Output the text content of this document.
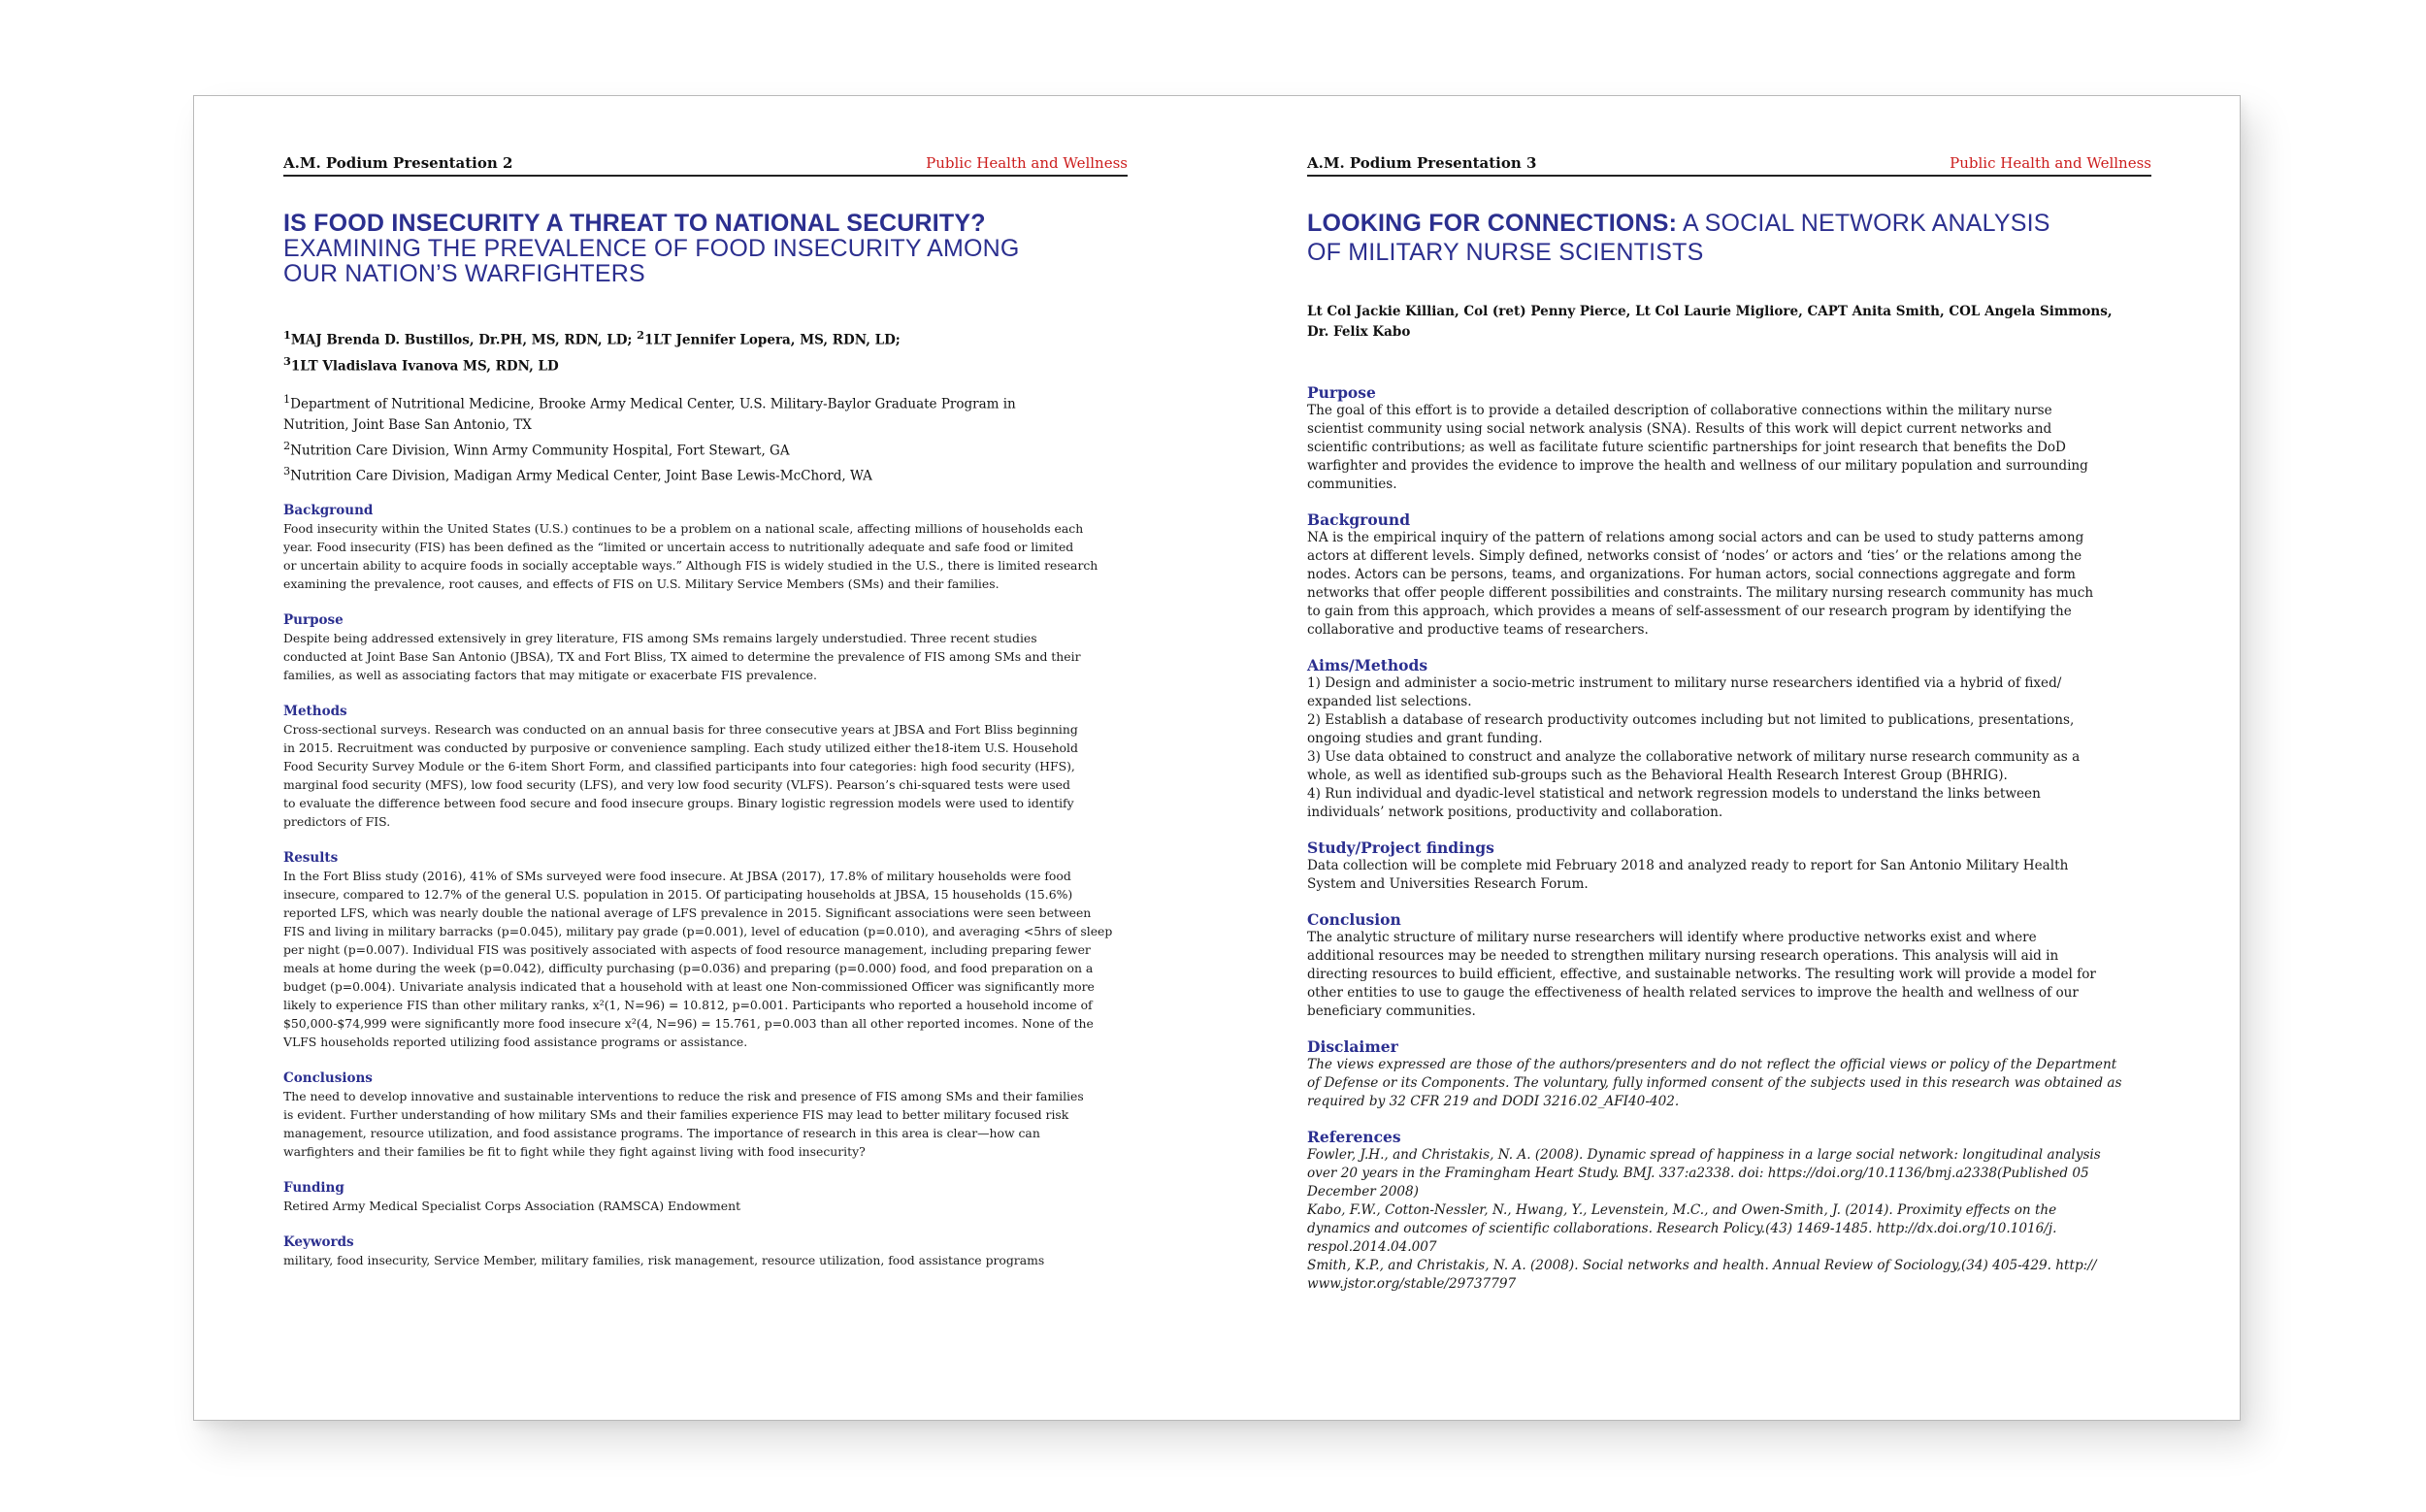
A.M. Podium Presentation 2	Public Health and Wellness
IS FOOD INSECURITY A THREAT TO NATIONAL SECURITY?
EXAMINING THE PREVALENCE OF FOOD INSECURITY AMONG
OUR NATION’S WARFIGHTERS
$^1$MAJ Brenda D. Bustillos, Dr.PH, MS, RDN, LD; $^2$1LT Jennifer Lopera, MS, RDN, LD;
$^3$1LT Vladislava Ivanova MS, RDN, LD
$^1$Department of Nutritional Medicine, Brooke Army Medical Center, U.S. Military-Baylor Graduate Program in
Nutrition, Joint Base San Antonio, TX
$^2$Nutrition Care Division, Winn Army Community Hospital, Fort Stewart, GA
$^3$Nutrition Care Division, Madigan Army Medical Center, Joint Base Lewis-McChord, WA
Background

Food insecurity within the United States (U.S.) continues to be a problem on a national scale, affecting millions of households each
year. Food insecurity (FIS) has been defined as the “limited or uncertain access to nutritionally adequate and safe food or limited
or uncertain ability to acquire foods in socially acceptable ways.” Although FIS is widely studied in the U.S., there is limited research
examining the prevalence, root causes, and effects of FIS on U.S. Military Service Members (SMs) and their families.

Purpose

Despite being addressed extensively in grey literature, FIS among SMs remains largely understudied. Three recent studies
conducted at Joint Base San Antonio (JBSA), TX and Fort Bliss, TX aimed to determine the prevalence of FIS among SMs and their
families, as well as associating factors that may mitigate or exacerbate FIS prevalence.

Methods

Cross-sectional surveys. Research was conducted on an annual basis for three consecutive years at JBSA and Fort Bliss beginning
in 2015. Recruitment was conducted by purposive or convenience sampling. Each study utilized either the18-item U.S. Household
Food Security Survey Module or the 6-item Short Form, and classified participants into four categories: high food security (HFS),
marginal food security (MFS), low food security (LFS), and very low food security (VLFS). Pearson’s chi-squared tests were used
to evaluate the difference between food secure and food insecure groups. Binary logistic regression models were used to identify
predictors of FIS.

Results

In the Fort Bliss study (2016), 41% of SMs surveyed were food insecure. At JBSA (2017), 17.8% of military households were food
insecure, compared to 12.7% of the general U.S. population in 2015. Of participating households at JBSA, 15 households (15.6%)
reported LFS, which was nearly double the national average of LFS prevalence in 2015. Significant associations were seen between
FIS and living in military barracks (p=0.045), military pay grade (p=0.001), level of education (p=0.010), and averaging <5hrs of sleep
per night (p=0.007). Individual FIS was positively associated with aspects of food resource management, including preparing fewer
meals at home during the week (p=0.042), difficulty purchasing (p=0.036) and preparing (p=0.000) food, and food preparation on a
budget (p=0.004). Univariate analysis indicated that a household with at least one Non-commissioned Officer was significantly more
likely to experience FIS than other military ranks, x²(1, N=96) = 10.812, p=0.001. Participants who reported a household income of
$50,000-$74,999 were significantly more food insecure x²(4, N=96) = 15.761, p=0.003 than all other reported incomes. None of the
VLFS households reported utilizing food assistance programs or assistance.

Conclusions

The need to develop innovative and sustainable interventions to reduce the risk and presence of FIS among SMs and their families
is evident. Further understanding of how military SMs and their families experience FIS may lead to better military focused risk
management, resource utilization, and food assistance programs. The importance of research in this area is clear—how can
warfighters and their families be fit to fight while they fight against living with food insecurity?

Funding

Retired Army Medical Specialist Corps Association (RAMSCA) Endowment

Keywords

military, food insecurity, Service Member, military families, risk management, resource utilization, food assistance programs

A.M. Podium Presentation 3	Public Health and Wellness
LOOKING FOR CONNECTIONS: A SOCIAL NETWORK ANALYSIS
OF MILITARY NURSE SCIENTISTS
Lt Col Jackie Killian, Col (ret) Penny Pierce, Lt Col Laurie Migliore, CAPT Anita Smith, COL Angela Simmons,
Dr. Felix Kabo
Purpose

The goal of this effort is to provide a detailed description of collaborative connections within the military nurse
scientist community using social network analysis (SNA). Results of this work will depict current networks and
scientific contributions; as well as facilitate future scientific partnerships for joint research that benefits the DoD
warfighter and provides the evidence to improve the health and wellness of our military population and surrounding
communities.

Background

NA is the empirical inquiry of the pattern of relations among social actors and can be used to study patterns among
actors at different levels. Simply defined, networks consist of ‘nodes’ or actors and ‘ties’ or the relations among the
nodes. Actors can be persons, teams, and organizations. For human actors, social connections aggregate and form
networks that offer people different possibilities and constraints. The military nursing research community has much
to gain from this approach, which provides a means of self-assessment of our research program by identifying the
collaborative and productive teams of researchers.

Aims/Methods

1) Design and administer a socio-metric instrument to military nurse researchers identified via a hybrid of fixed/
expanded list selections.
2) Establish a database of research productivity outcomes including but not limited to publications, presentations,
ongoing studies and grant funding.
3) Use data obtained to construct and analyze the collaborative network of military nurse research community as a
whole, as well as identified sub-groups such as the Behavioral Health Research Interest Group (BHRIG).
4) Run individual and dyadic-level statistical and network regression models to understand the links between
individuals’ network positions, productivity and collaboration.

Study/Project findings

Data collection will be complete mid February 2018 and analyzed ready to report for San Antonio Military Health
System and Universities Research Forum.

Conclusion

The analytic structure of military nurse researchers will identify where productive networks exist and where
additional resources may be needed to strengthen military nursing research operations. This analysis will aid in
directing resources to build efficient, effective, and sustainable networks. The resulting work will provide a model for
other entities to use to gauge the effectiveness of health related services to improve the health and wellness of our
beneficiary communities.

Disclaimer

The views expressed are those of the authors/presenters and do not reflect the official views or policy of the Department
of Defense or its Components. The voluntary, fully informed consent of the subjects used in this research was obtained as
required by 32 CFR 219 and DODI 3216.02_AFI40-402.

References

Fowler, J.H., and Christakis, N. A. (2008). Dynamic spread of happiness in a large social network: longitudinal analysis
over 20 years in the Framingham Heart Study. BMJ. 337:a2338. doi: https://doi.org/10.1136/bmj.a2338(Published 05
December 2008)

Kabo, F.W., Cotton-Nessler, N., Hwang, Y., Levenstein, M.C., and Owen-Smith, J. (2014). Proximity effects on the
dynamics and outcomes of scientific collaborations. Research Policy.(43) 1469-1485. http://dx.doi.org/10.1016/j.
respol.2014.04.007

Smith, K.P., and Christakis, N. A. (2008). Social networks and health. Annual Review of Sociology,(34) 405-429. http://
www.jstor.org/stable/29737797
